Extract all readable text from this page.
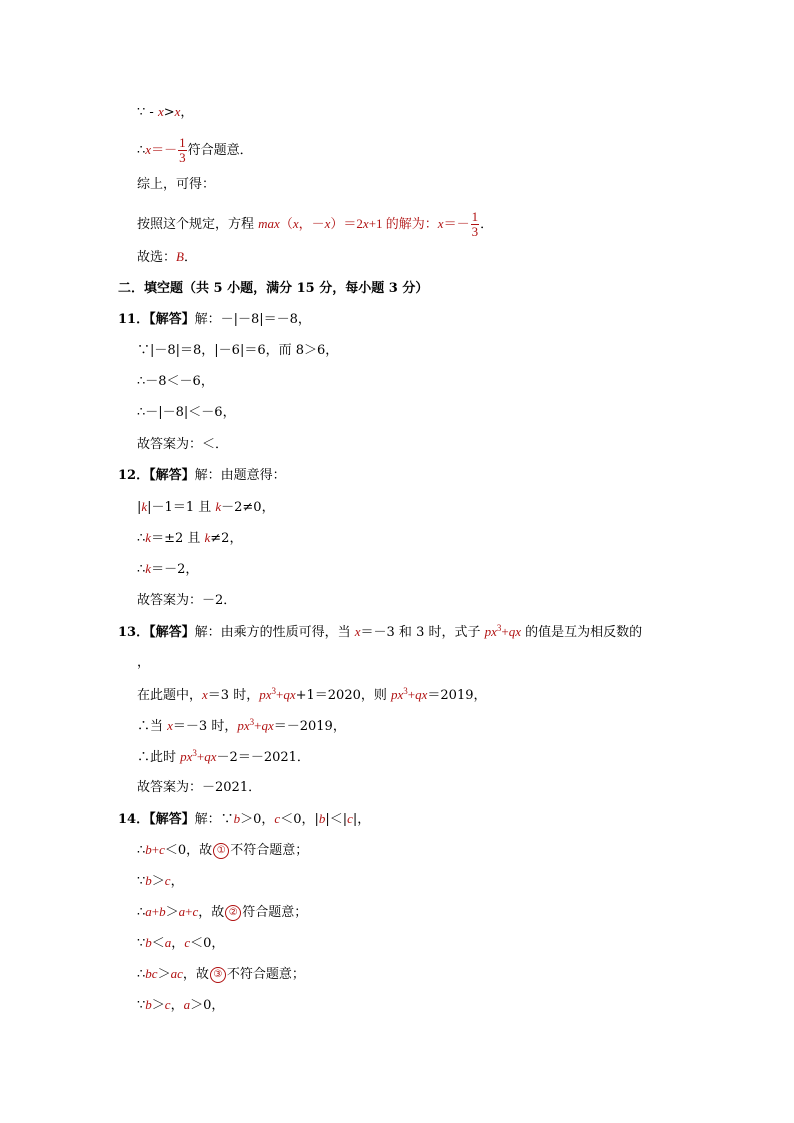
∵ - x>x，
∴x＝－ $\frac{1}{3}$ 符合题意．
综上，可得：
按照这个规定，方程 max（x，－x）＝2x+1 的解为：$x=- \frac{1}{3}$ ．
故选：B．
二．填空题（共 5 小题，满分 15 分，每小题 3 分）
11．【解答】解：－|－8|＝－8，
∵|－8|＝8，|－6|＝6，而 8＞6，
∴－8＜－6，
∴－|－8|＜－6，
故答案为：＜．
12．【解答】解：由题意得：
|k|－1＝1 且 k－2≠0，
∴k＝±2 且 k≠2，
∴k＝－2，
故答案为：－2．
13．【解答】解：由乘方的性质可得，当 x＝－3 和 3 时，式子 $px^3+qx$ 的值是互为相反数的
，
在此题中，x＝3 时，$px^3+qx+1=2020$，则 $px^3+qx=2019$，
∴当 x＝－3 时，$px^3+qx=-2019$，
∴此时 $px^3+qx-2=-2021$．
故答案为：－2021．
14．【解答】解：∵b＞0，c＜0，|b|＜|c|，
∴b+c＜0，故 ① 不符合题意；
∵b＞c，
∴a+b＞a+c，故 ② 符合题意；
∵b＜a，c＜0，
∴bc＞ac，故 ③ 不符合题意；
∵b＞c，a＞0，
